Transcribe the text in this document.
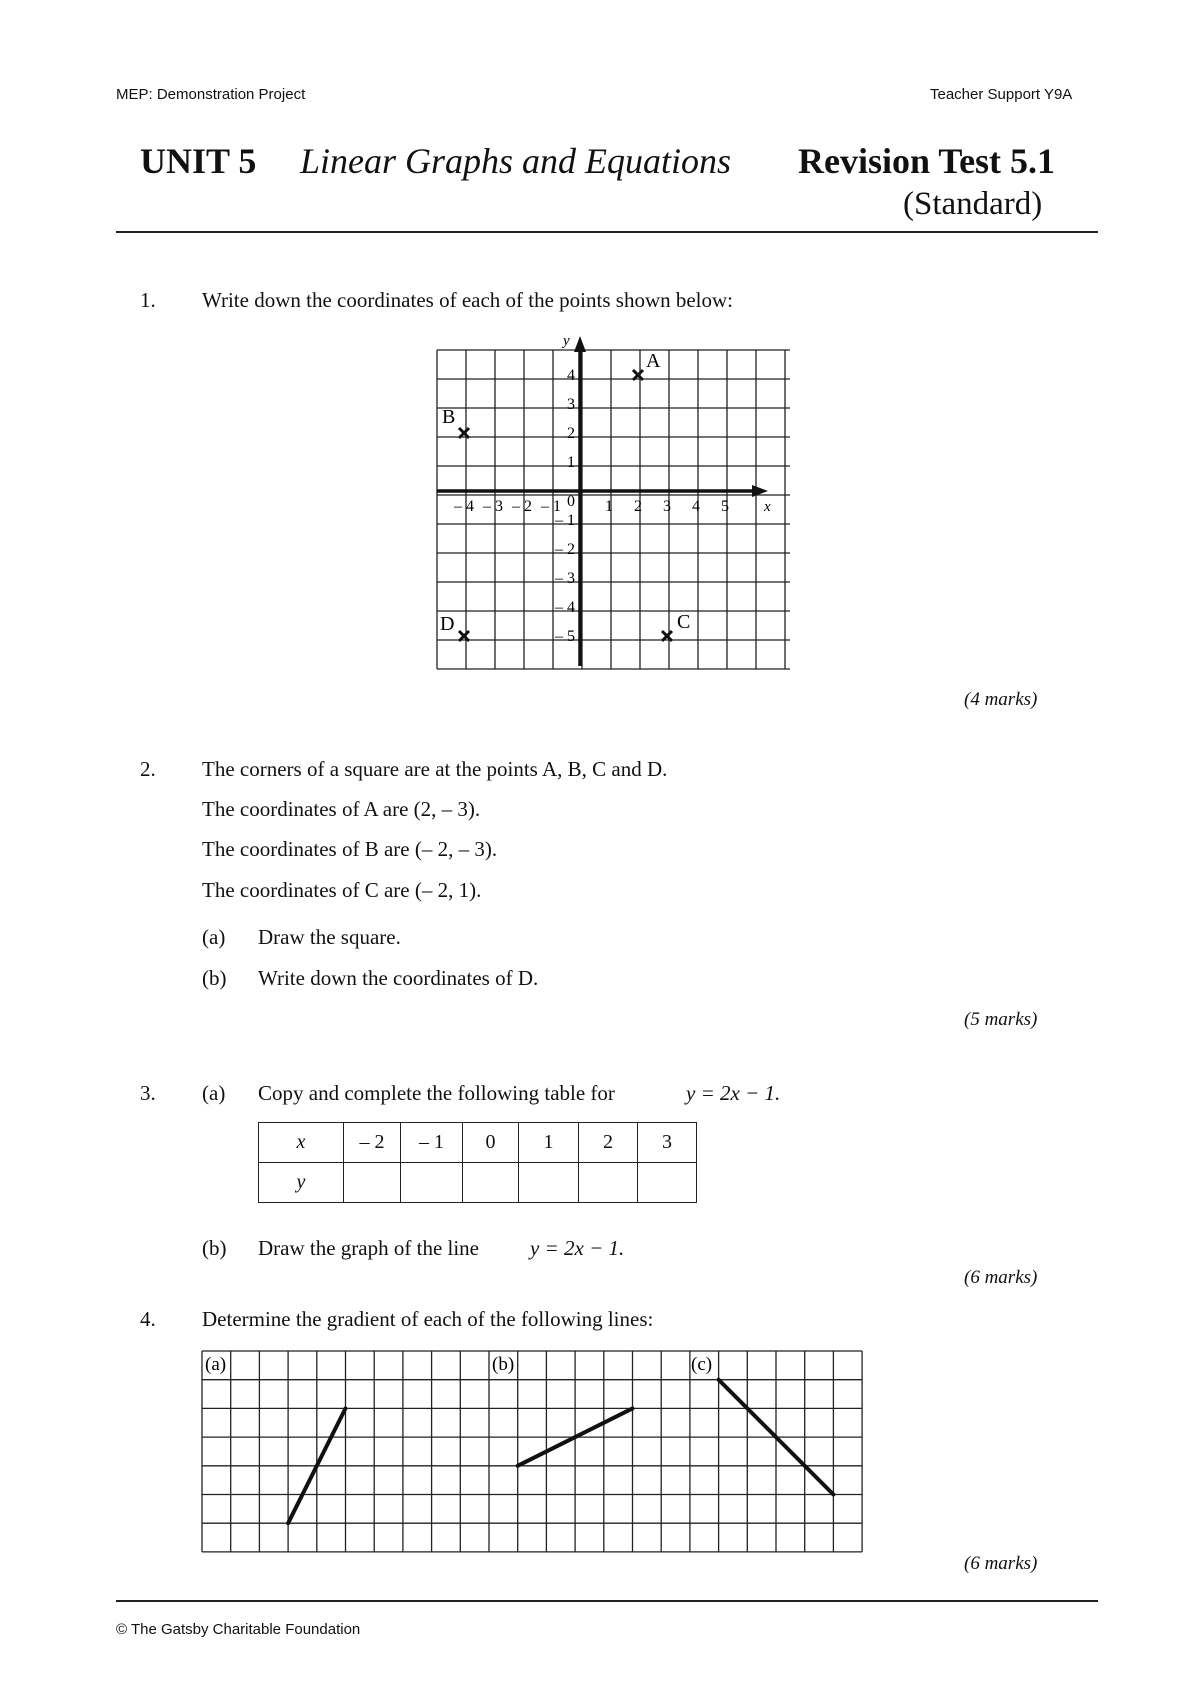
MEP: Demonstration Project	Teacher Support Y9A
UNIT 5 Linear Graphs and Equations Revision Test 5.1
(Standard)
1. Write down the coordinates of each of the points shown below:
x
y
0
– 4 – 3 – 2 – 1	1 2 3 4 5
4
3
2
1
– 1
– 2
– 3
– 4
– 5
A
B
C
D
(4 marks)
2. The corners of a square are at the points A, B, C and D.
The coordinates of A are (2, – 3).
The coordinates of B are (– 2, – 3).
The coordinates of C are (– 2, 1).
(a) Draw the square.
(b) Write down the coordinates of D.
(5 marks)
3. (a) Copy and complete the following table for	y = 2x − 1.
x	– 2	– 1	0	1	2	3
y						
(b) Draw the graph of the line y = 2x − 1.
(6 marks)
4. Determine the gradient of each of the following lines:
(a)	(b)	(c)
(6 marks)
© The Gatsby Charitable Foundation
